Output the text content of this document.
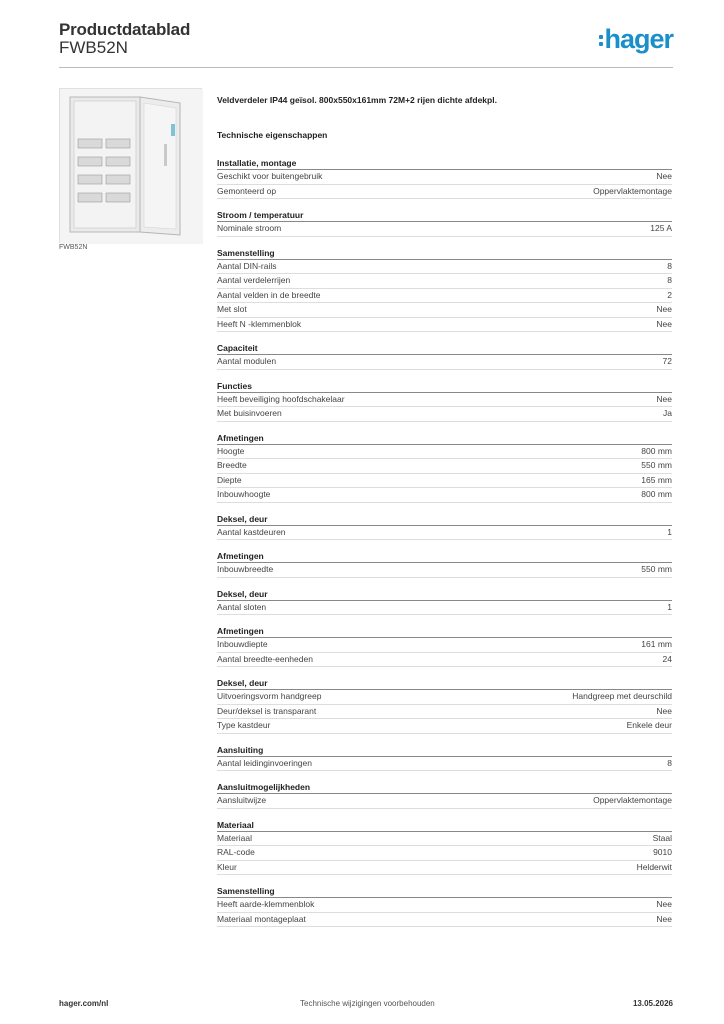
Productdatablad
FWB52N	hager
FWB52N
Veldverdeler IP44 geïsol. 800x550x161mm 72M+2 rijen dichte afdekpl.
Technische eigenschappen
Installatie, montage
Geschikt voor buitengebruik	Nee
Gemonteerd op	Oppervlaktemontage
Stroom / temperatuur
Nominale stroom	125 A
Samenstelling
Aantal DIN-rails	8
Aantal verdelerrijen	8
Aantal velden in de breedte	2
Met slot	Nee
Heeft N -klemmenblok	Nee
Capaciteit
Aantal modulen	72
Functies
Heeft beveiliging hoofdschakelaar	Nee
Met buisinvoeren	Ja
Afmetingen
Hoogte	800 mm
Breedte	550 mm
Diepte	165 mm
Inbouwhoogte	800 mm
Deksel, deur
Aantal kastdeuren	1
Afmetingen
Inbouwbreedte	550 mm
Deksel, deur
Aantal sloten	1
Afmetingen
Inbouwdiepte	161 mm
Aantal breedte-eenheden	24
Deksel, deur
Uitvoeringsvorm handgreep	Handgreep met deurschild
Deur/deksel is transparant	Nee
Type kastdeur	Enkele deur
Aansluiting
Aantal leidinginvoeringen	8
Aansluitmogelijkheden
Aansluitwijze	Oppervlaktemontage
Materiaal
Materiaal	Staal
RAL-code	9010
Kleur	Helderwit
Samenstelling
Heeft aarde-klemmenblok	Nee
Materiaal montageplaat	Nee
hager.com/nl	Technische wijzigingen voorbehouden	13.05.2026
